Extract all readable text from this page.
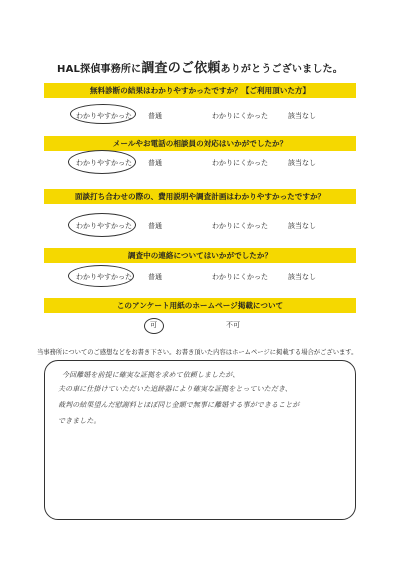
HAL探偵事務所に調査のご依頼ありがとうございました。
無料診断の結果はわかりやすかったですか？【ご利用頂いた方】
わかりやすかった 普通	わかりにくかった	該当なし
メールやお電話の相談員の対応はいかがでしたか？
わかりやすかった 普通	わかりにくかった	該当なし
面談打ち合わせの際の、費用説明や調査計画はわかりやすかったですか？
わかりやすかった 普通	わかりにくかった	該当なし
調査中の連絡についてはいかがでしたか？
わかりやすかった 普通	わかりにくかった	該当なし
このアンケート用紙のホームページ掲載について
可	不可
当事務所についてのご感想などをお書き下さい。お書き頂いた内容はホームページに掲載する場合がございます。
今回離婚を前提に確実な証拠を求めて依頼しましたが、
夫の車に仕掛けていただいた追跡器により確実な証拠をとっていただき、
裁判の結果望んだ慰謝料とほぼ同じ金額で無事に離婚する事ができることが
できました。
